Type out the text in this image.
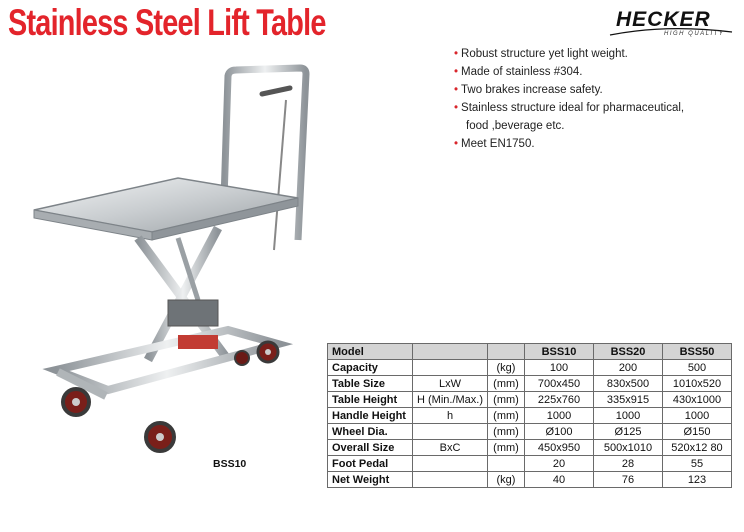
Stainless Steel Lift Table	HECKER
HIGH QUALITY
• Robust structure yet light weight.
• Made of stainless #304.
• Two brakes increase safety.
• Stainless structure ideal for pharmaceutical,
food ,beverage etc.
• Meet EN1750.
BSS10
Model			BSS10	BSS20	BSS50
Capacity		(kg)	100	200	500
Table Size	LxW	(mm)	700x450	830x500	1010x520
Table Height	H (Min./Max.)	(mm)	225x760	335x915	430x1000
Handle Height	h	(mm)	1000	1000	1000
Wheel Dia.		(mm)	Ø100	Ø125	Ø150
Overall Size	BxC	(mm)	450x950	500x1010	520x12 80
Foot Pedal			20	28	55
Net Weight		(kg)	40	76	123
